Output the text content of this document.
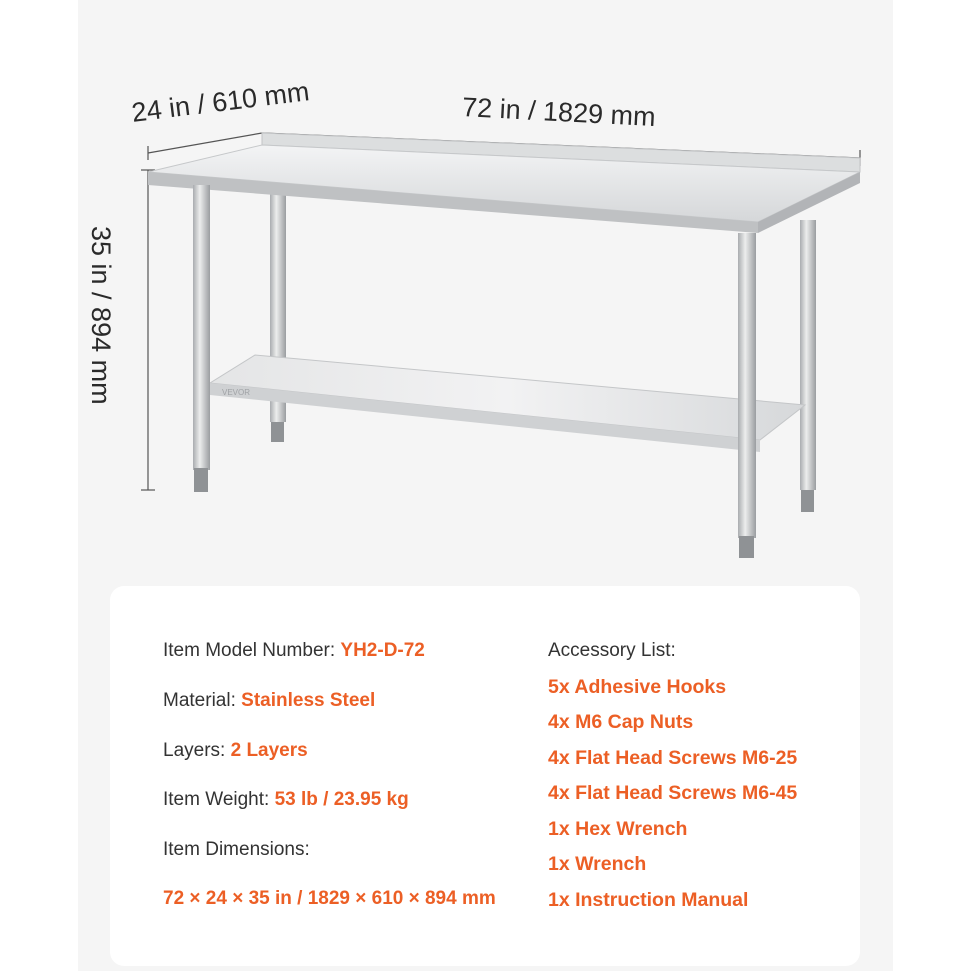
VEVOR
24 in / 610 mm	72 in / 1829 mm
35 in / 894 mm
Item Model Number: YH2-D-72
Material: Stainless Steel
Layers: 2 Layers
Item Weight: 53 lb / 23.95 kg
Item Dimensions:
72 × 24 × 35 in / 1829 × 610 × 894 mm
Accessory List:
5x Adhesive Hooks
4x M6 Cap Nuts
4x Flat Head Screws M6-25
4x Flat Head Screws M6-45
1x Hex Wrench
1x Wrench
1x Instruction Manual
